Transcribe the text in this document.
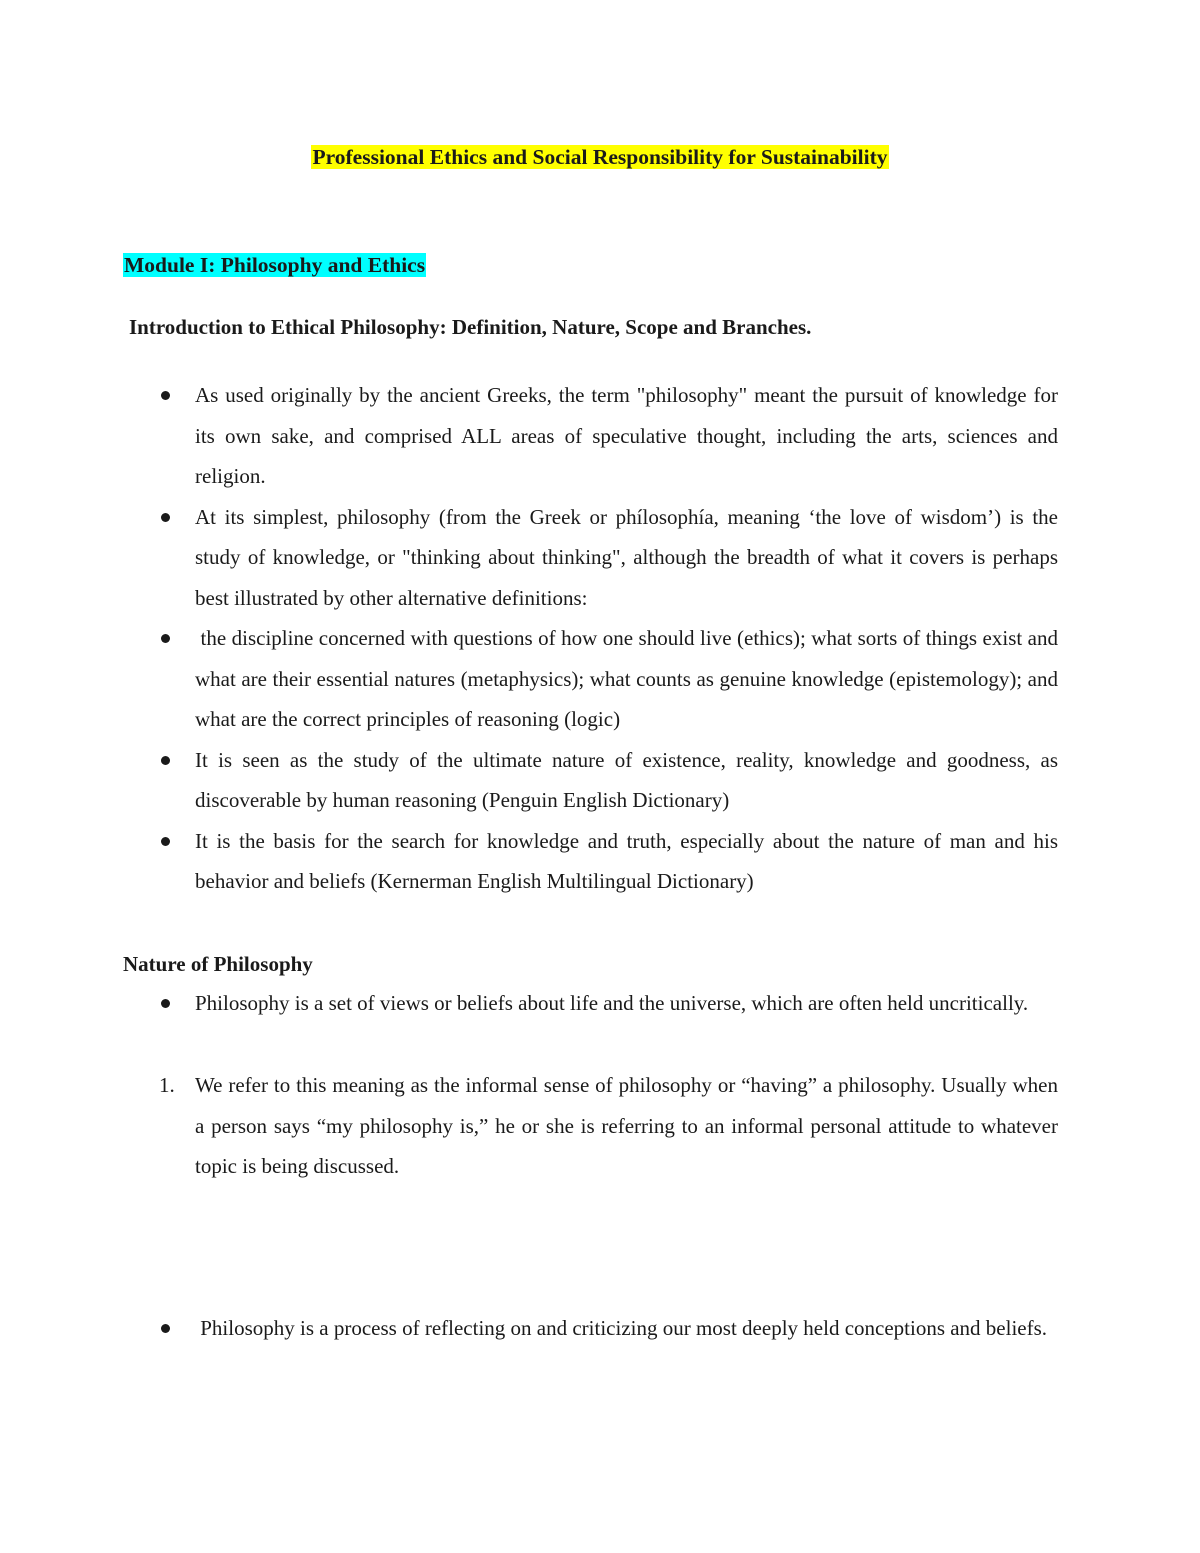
Professional Ethics and Social Responsibility for Sustainability
Module I: Philosophy and Ethics
Introduction to Ethical Philosophy: Definition, Nature, Scope and Branches.
As used originally by the ancient Greeks, the term "philosophy" meant the pursuit of knowledge for its own sake, and comprised ALL areas of speculative thought, including the arts, sciences and religion.
At its simplest, philosophy (from the Greek or phílosophía, meaning ‘the love of wisdom’) is the study of knowledge, or "thinking about thinking", although the breadth of what it covers is perhaps best illustrated by other alternative definitions:
the discipline concerned with questions of how one should live (ethics); what sorts of things exist and what are their essential natures (metaphysics); what counts as genuine knowledge (epistemology); and what are the correct principles of reasoning (logic)
It is seen as the study of the ultimate nature of existence, reality, knowledge and goodness, as discoverable by human reasoning (Penguin English Dictionary)
It is the basis for the search for knowledge and truth, especially about the nature of man and his behavior and beliefs (Kernerman English Multilingual Dictionary)
Nature of Philosophy
Philosophy is a set of views or beliefs about life and the universe, which are often held uncritically.
1. We refer to this meaning as the informal sense of philosophy or “having” a philosophy. Usually when a person says “my philosophy is,” he or she is referring to an informal personal attitude to whatever topic is being discussed.
Philosophy is a process of reflecting on and criticizing our most deeply held conceptions and beliefs.
